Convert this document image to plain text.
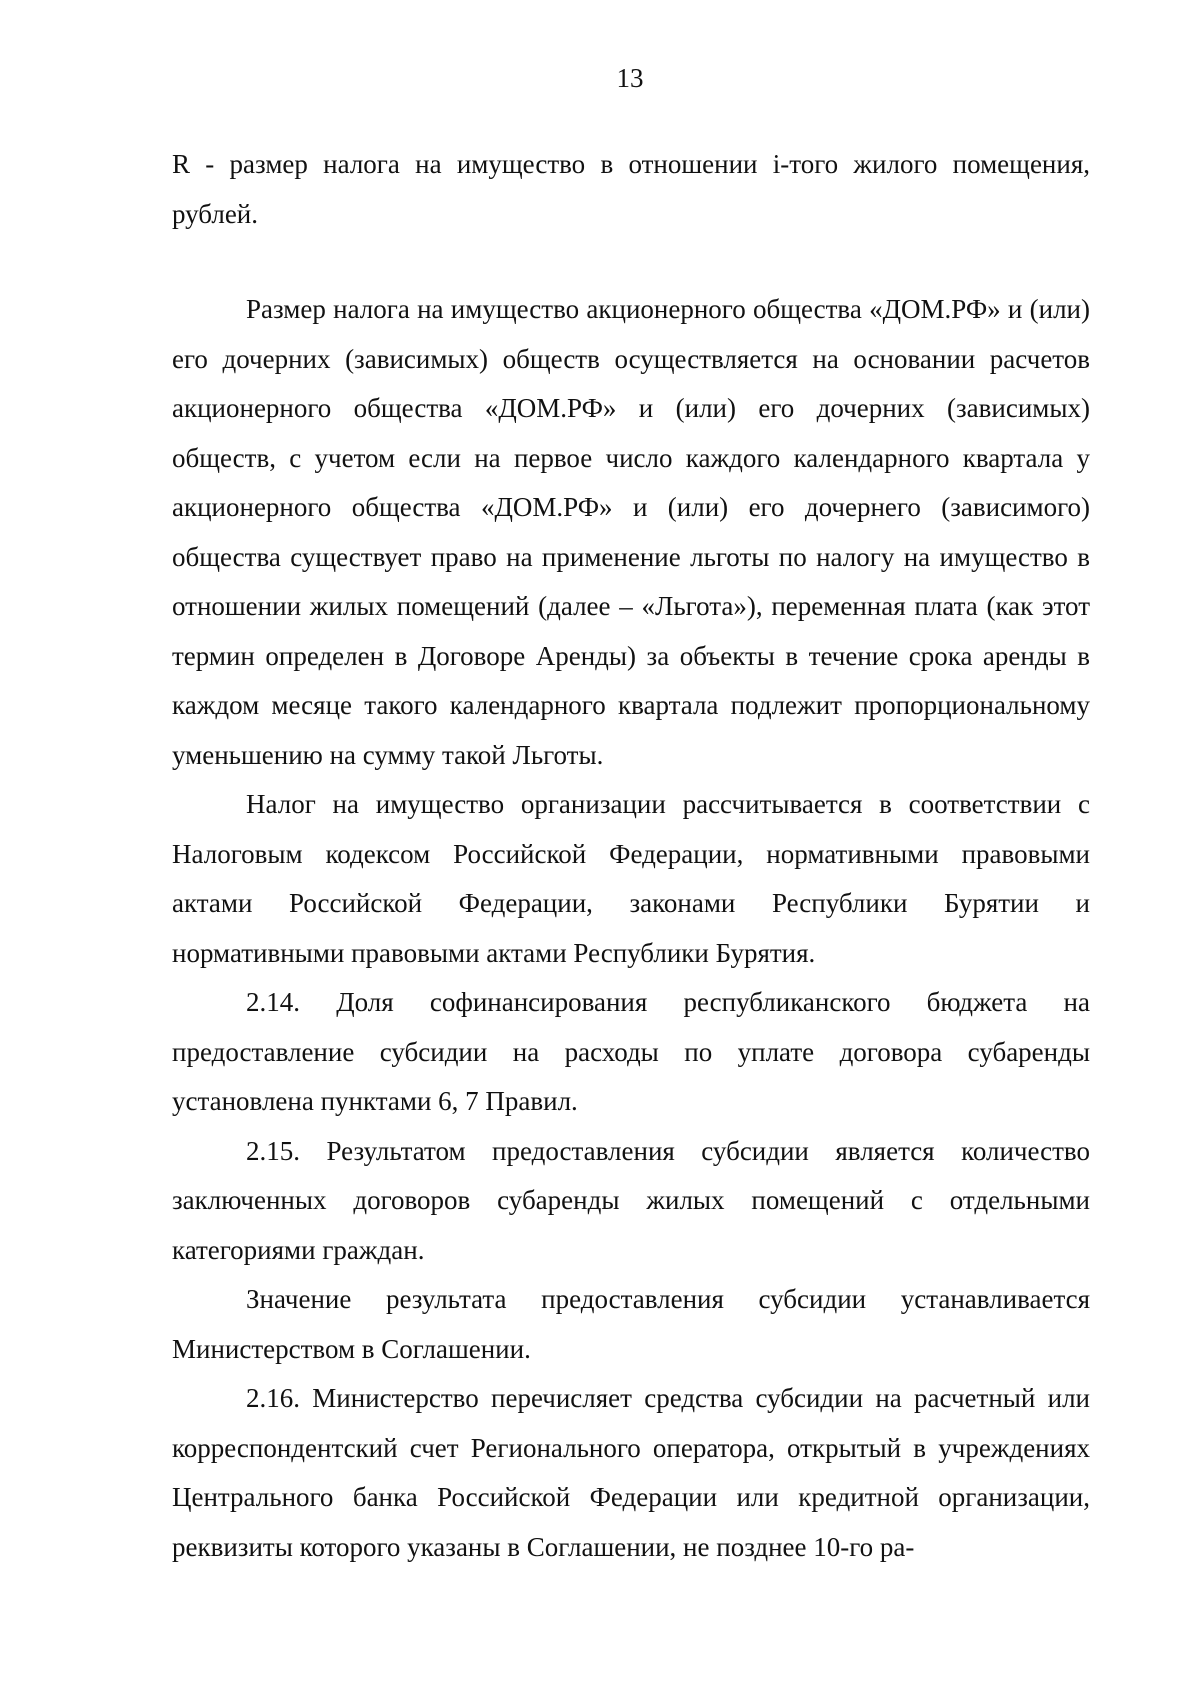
13

R - размер налога на имущество в отношении i-того жилого помещения, рублей.

Размер налога на имущество акционерного общества «ДОМ.РФ» и (или) его дочерних (зависимых) обществ осуществляется на основании расчетов акционерного общества «ДОМ.РФ» и (или) его дочерних (зависимых) обществ, с учетом если на первое число каждого календарного квартала у акционерного общества «ДОМ.РФ» и (или) его дочернего (зависимого) общества существует право на применение льготы по налогу на имущество в отношении жилых помещений (далее – «Льгота»), переменная плата (как этот термин определен в Договоре Аренды) за объекты в течение срока аренды в каждом месяце такого календарного квартала подлежит пропорциональному уменьшению на сумму такой Льготы.

Налог на имущество организации рассчитывается в соответствии с Налоговым кодексом Российской Федерации, нормативными правовыми актами Российской Федерации, законами Республики Бурятии и нормативными правовыми актами Республики Бурятия.

2.14. Доля софинансирования республиканского бюджета на предоставление субсидии на расходы по уплате договора субаренды установлена пунктами 6, 7 Правил.

2.15. Результатом предоставления субсидии является количество заключенных договоров субаренды жилых помещений с отдельными категориями граждан.

Значение результата предоставления субсидии устанавливается Министерством в Соглашении.

2.16. Министерство перечисляет средства субсидии на расчетный или корреспондентский счет Регионального оператора, открытый в учреждениях Центрального банка Российской Федерации или кредитной организации, реквизиты которого указаны в Соглашении, не позднее 10-го ра-
